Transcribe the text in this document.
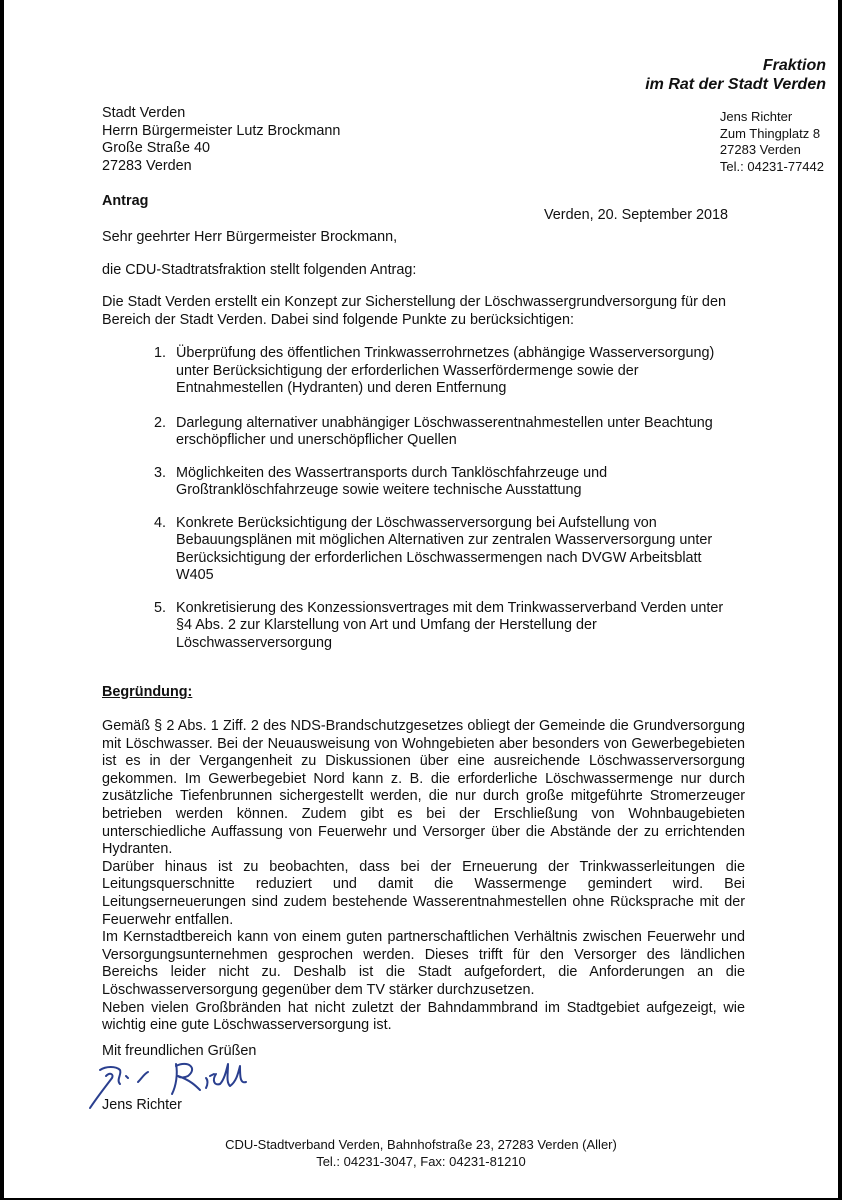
Fraktion
im Rat der Stadt Verden
Stadt Verden
Herrn Bürgermeister Lutz Brockmann
Große Straße 40
27283 Verden
Jens Richter
Zum Thingplatz 8
27283 Verden
Tel.: 04231-77442
Antrag
Verden, 20. September 2018
Sehr geehrter Herr Bürgermeister Brockmann,
die CDU-Stadtratsfraktion stellt folgenden Antrag:
Die Stadt Verden erstellt ein Konzept zur Sicherstellung der Löschwassergrundversorgung für den Bereich der Stadt Verden. Dabei sind folgende Punkte zu berücksichtigen:
1. Überprüfung des öffentlichen Trinkwasserrohrnetzes (abhängige Wasserversorgung) unter Berücksichtigung der erforderlichen Wasserfördermenge sowie der Entnahmestellen (Hydranten) und deren Entfernung
2. Darlegung alternativer unabhängiger Löschwasserentnahmestellen unter Beachtung erschöpflicher und unerschöpflicher Quellen
3. Möglichkeiten des Wassertransports durch Tanklöschfahrzeuge und Großtranklöschfahrzeuge sowie weitere technische Ausstattung
4. Konkrete Berücksichtigung der Löschwasserversorgung bei Aufstellung von Bebauungsplänen mit möglichen Alternativen zur zentralen Wasserversorgung unter Berücksichtigung der erforderlichen Löschwassermengen nach DVGW Arbeitsblatt W405
5. Konkretisierung des Konzessionsvertrages mit dem Trinkwasserverband Verden unter §4 Abs. 2 zur Klarstellung von Art und Umfang der Herstellung der Löschwasserversorgung
Begründung:

Gemäß § 2 Abs. 1 Ziff. 2 des NDS-Brandschutzgesetzes obliegt der Gemeinde die Grundversorgung mit Löschwasser. Bei der Neuausweisung von Wohngebieten aber besonders von Gewerbegebieten ist es in der Vergangenheit zu Diskussionen über eine ausreichende Löschwasserversorgung gekommen. Im Gewerbegebiet Nord kann z. B. die erforderliche Löschwassermenge nur durch zusätzliche Tiefenbrunnen sichergestellt werden, die nur durch große mitgeführte Stromerzeuger betrieben werden können. Zudem gibt es bei der Erschließung von Wohnbaugebieten unterschiedliche Auffassung von Feuerwehr und Versorger über die Abstände der zu errichtenden Hydranten.

Darüber hinaus ist zu beobachten, dass bei der Erneuerung der Trinkwasserleitungen die Leitungsquerschnitte reduziert und damit die Wassermenge gemindert wird. Bei Leitungserneuerungen sind zudem bestehende Wasserentnahmestellen ohne Rücksprache mit der Feuerwehr entfallen.

Im Kernstadtbereich kann von einem guten partnerschaftlichen Verhältnis zwischen Feuerwehr und Versorgungsunternehmen gesprochen werden. Dieses trifft für den Versorger des ländlichen Bereichs leider nicht zu. Deshalb ist die Stadt aufgefordert, die Anforderungen an die Löschwasserversorgung gegenüber dem TV stärker durchzusetzen.

Neben vielen Großbränden hat nicht zuletzt der Bahndammbrand im Stadtgebiet aufgezeigt, wie wichtig eine gute Löschwasserversorgung ist.

Mit freundlichen Grüßen
Jens Richter
CDU-Stadtverband Verden, Bahnhofstraße 23, 27283 Verden (Aller)
Tel.: 04231-3047, Fax: 04231-81210
